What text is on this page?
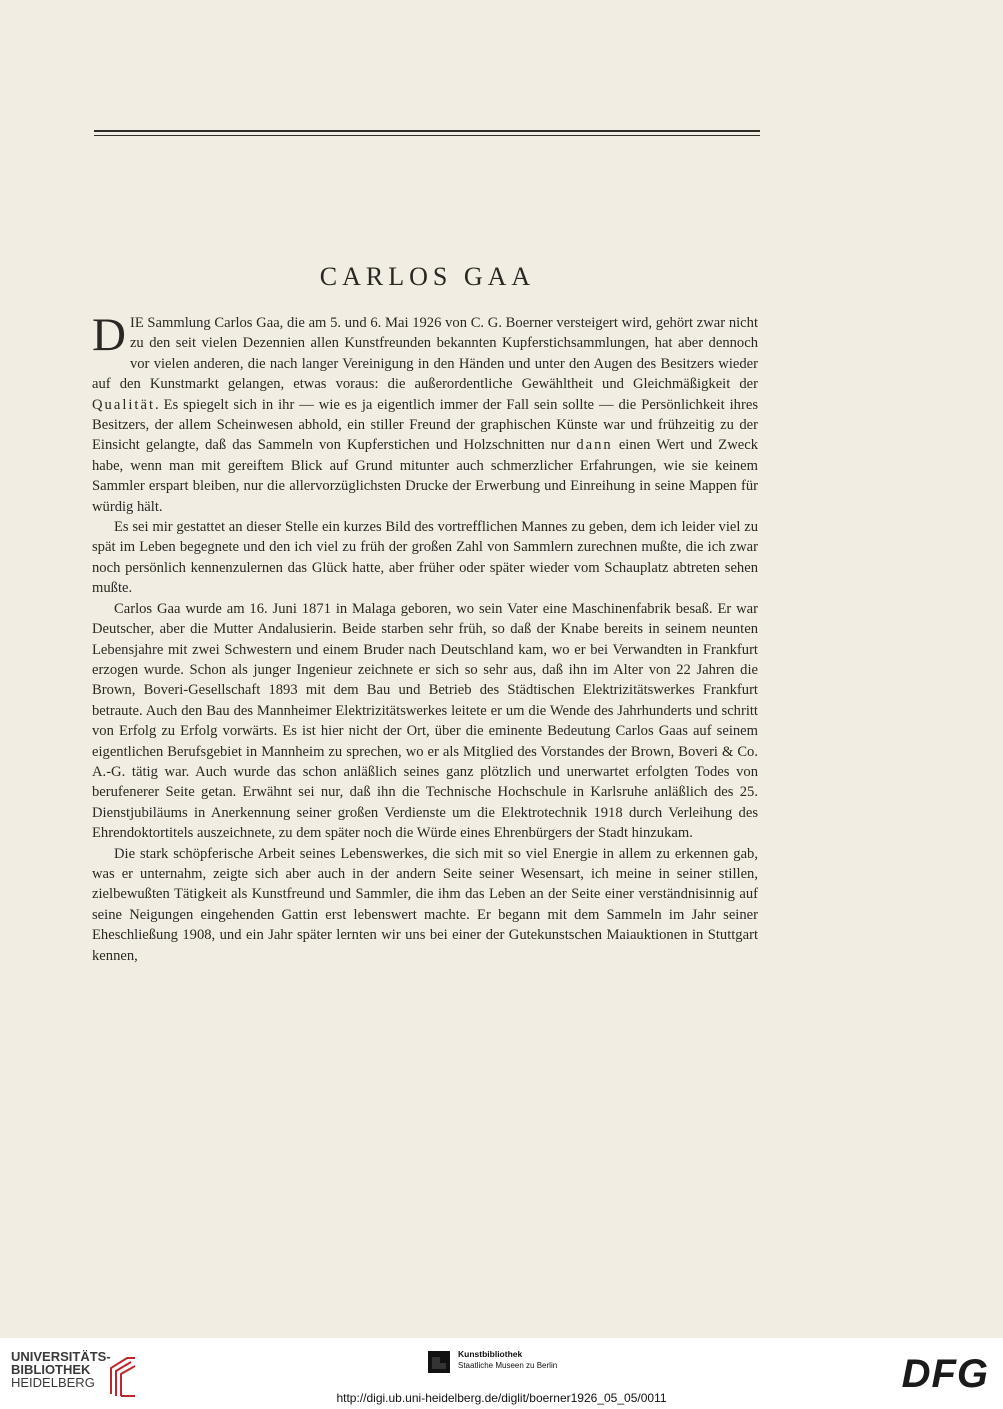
CARLOS GAA

DIE Sammlung Carlos Gaa, die am 5. und 6. Mai 1926 von C. G. Boerner versteigert wird, gehört zwar nicht zu den seit vielen Dezennien allen Kunstfreunden bekannten Kupferstichsammlungen, hat aber dennoch vor vielen anderen, die nach langer Vereinigung in den Händen und unter den Augen des Besitzers wieder auf den Kunstmarkt gelangen, etwas voraus: die außerordentliche Gewähltheit und Gleichmäßigkeit der Qualität. Es spiegelt sich in ihr — wie es ja eigentlich immer der Fall sein sollte — die Persönlichkeit ihres Besitzers, der allem Scheinwesen abhold, ein stiller Freund der graphischen Künste war und frühzeitig zu der Einsicht gelangte, daß das Sammeln von Kupferstichen und Holzschnitten nur dann einen Wert und Zweck habe, wenn man mit gereiftem Blick auf Grund mitunter auch schmerzlicher Erfahrungen, wie sie keinem Sammler erspart bleiben, nur die allervorzüglichsten Drucke der Erwerbung und Einreihung in seine Mappen für würdig hält.

Es sei mir gestattet an dieser Stelle ein kurzes Bild des vortrefflichen Mannes zu geben, dem ich leider viel zu spät im Leben begegnete und den ich viel zu früh der großen Zahl von Sammlern zurechnen mußte, die ich zwar noch persönlich kennenzulernen das Glück hatte, aber früher oder später wieder vom Schauplatz abtreten sehen mußte.

Carlos Gaa wurde am 16. Juni 1871 in Malaga geboren, wo sein Vater eine Maschinenfabrik besaß. Er war Deutscher, aber die Mutter Andalusierin. Beide starben sehr früh, so daß der Knabe bereits in seinem neunten Lebensjahre mit zwei Schwestern und einem Bruder nach Deutschland kam, wo er bei Verwandten in Frankfurt erzogen wurde. Schon als junger Ingenieur zeichnete er sich so sehr aus, daß ihn im Alter von 22 Jahren die Brown, Boveri-Gesellschaft 1893 mit dem Bau und Betrieb des Städtischen Elektrizitätswerkes Frankfurt betraute. Auch den Bau des Mannheimer Elektrizitätswerkes leitete er um die Wende des Jahrhunderts und schritt von Erfolg zu Erfolg vorwärts. Es ist hier nicht der Ort, über die eminente Bedeutung Carlos Gaas auf seinem eigentlichen Berufsgebiet in Mannheim zu sprechen, wo er als Mitglied des Vorstandes der Brown, Boveri & Co. A.-G. tätig war. Auch wurde das schon anläßlich seines ganz plötzlich und unerwartet erfolgten Todes von berufenerer Seite getan. Erwähnt sei nur, daß ihn die Technische Hochschule in Karlsruhe anläßlich des 25. Dienstjubiläums in Anerkennung seiner großen Verdienste um die Elektrotechnik 1918 durch Verleihung des Ehrendoktortitels auszeichnete, zu dem später noch die Würde eines Ehrenbürgers der Stadt hinzukam.

Die stark schöpferische Arbeit seines Lebenswerkes, die sich mit so viel Energie in allem zu erkennen gab, was er unternahm, zeigte sich aber auch in der andern Seite seiner Wesensart, ich meine in seiner stillen, zielbewußten Tätigkeit als Kunstfreund und Sammler, die ihm das Leben an der Seite einer verständnisinnig auf seine Neigungen eingehenden Gattin erst lebenswert machte. Er begann mit dem Sammeln im Jahr seiner Eheschließung 1908, und ein Jahr später lernten wir uns bei einer der Gutekunstschen Maiauktionen in Stuttgart kennen,

UNIVERSITÄTS-
BIBLIOTHEK
HEIDELBERG
Kunstbibliothek
Staatliche Museen zu Berlin	DFG
http://digi.ub.uni-heidelberg.de/diglit/boerner1926_05_05/0011
